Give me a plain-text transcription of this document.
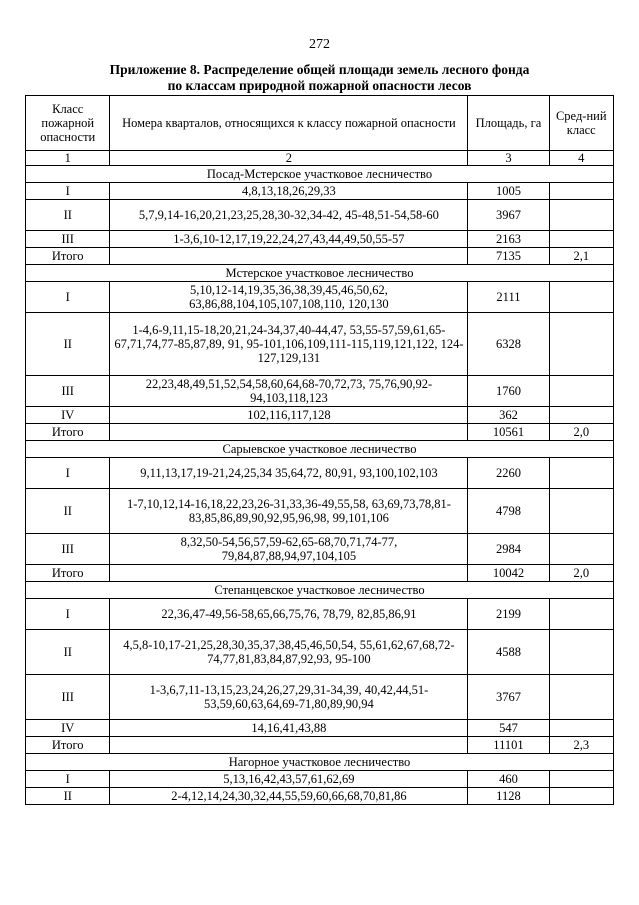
272
Приложение 8. Распределение общей площади земель лесного фонда
по классам природной пожарной опасности лесов
Класс пожарной опасности	Номера кварталов, относящихся к классу пожарной опасности	Площадь, га	Сред-ний класс
1	2	3	4
Посад-Мстерское участковое лесничество			
I	4,8,13,18,26,29,33	1005	
II	5,7,9,14-16,20,21,23,25,28,30-32,34-42, 45-48,51-54,58-60	3967	
III	1-3,6,10-12,17,19,22,24,27,43,44,49,50,55-57	2163	
Итого		7135	2,1
Мстерское участковое лесничество			
I	5,10,12-14,19,35,36,38,39,45,46,50,62, 63,86,88,104,105,107,108,110, 120,130	2111	
II	1-4,6-9,11,15-18,20,21,24-34,37,40-44,47, 53,55-57,59,61,65-67,71,74,77-85,87,89, 91, 95-101,106,109,111-115,119,121,122, 124-127,129,131	6328	
III	22,23,48,49,51,52,54,58,60,64,68-70,72,73, 75,76,90,92-94,103,118,123	1760	
IV	102,116,117,128	362	
Итого		10561	2,0
Сарыевское участковое лесничество			
I	9,11,13,17,19-21,24,25,34 35,64,72, 80,91, 93,100,102,103	2260	
II	1-7,10,12,14-16,18,22,23,26-31,33,36-49,55,58, 63,69,73,78,81-83,85,86,89,90,92,95,96,98, 99,101,106	4798	
III	8,32,50-54,56,57,59-62,65-68,70,71,74-77, 79,84,87,88,94,97,104,105	2984	
Итого		10042	2,0
Степанцевское участковое лесничество			
I	22,36,47-49,56-58,65,66,75,76, 78,79, 82,85,86,91	2199	
II	4,5,8-10,17-21,25,28,30,35,37,38,45,46,50,54, 55,61,62,67,68,72-74,77,81,83,84,87,92,93, 95-100	4588	
III	1-3,6,7,11-13,15,23,24,26,27,29,31-34,39, 40,42,44,51-53,59,60,63,64,69-71,80,89,90,94	3767	
IV	14,16,41,43,88	547	
Итого		11101	2,3
Нагорное участковое лесничество			
I	5,13,16,42,43,57,61,62,69	460	
II	2-4,12,14,24,30,32,44,55,59,60,66,68,70,81,86	1128	
